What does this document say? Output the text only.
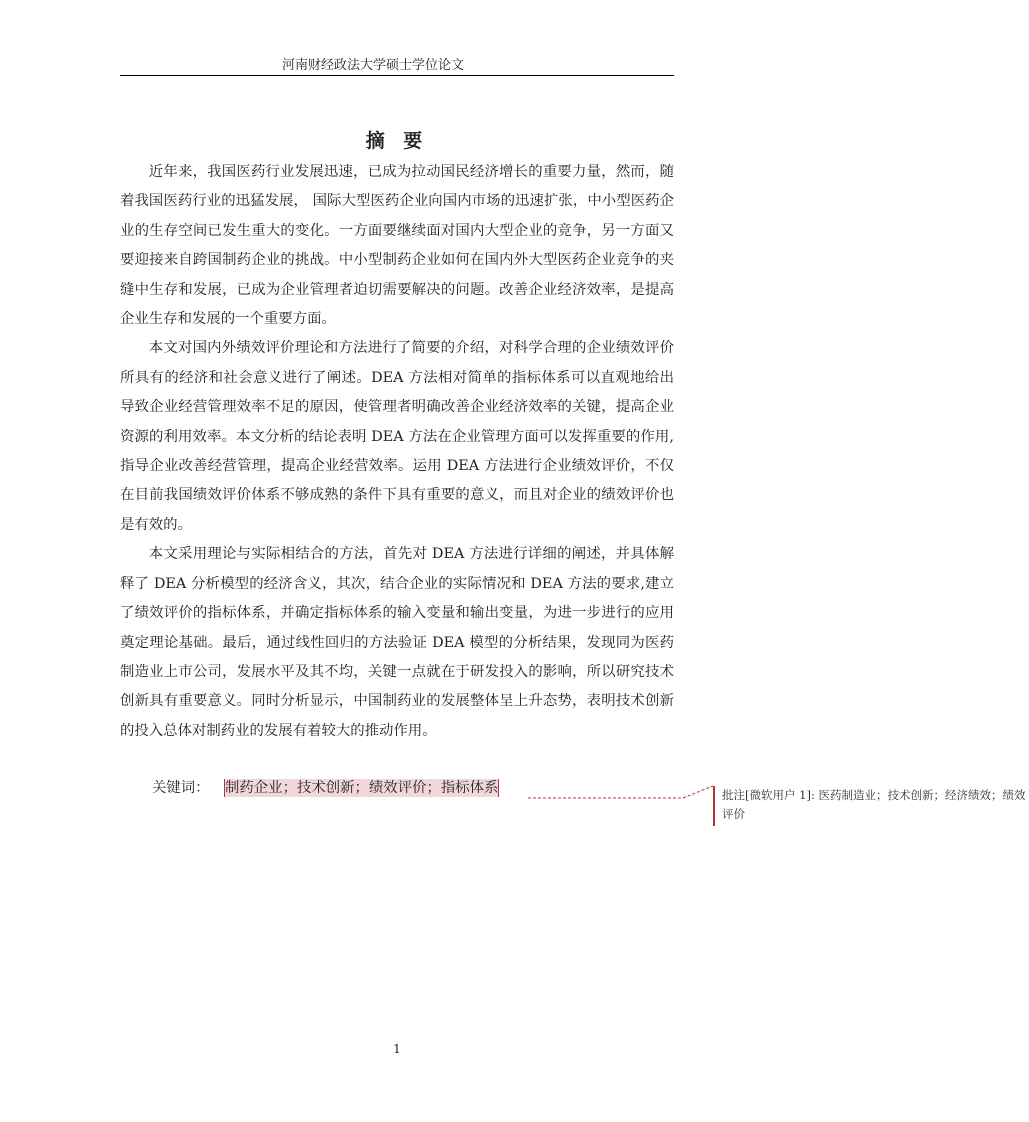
河南财经政法大学硕士学位论文
摘 要

近年来，我国医药行业发展迅速，已成为拉动国民经济增长的重要力量，然而，随着我国医药行业的迅猛发展， 国际大型医药企业向国内市场的迅速扩张，中小型医药企业的生存空间已发生重大的变化。一方面要继续面对国内大型企业的竞争，另一方面又要迎接来自跨国制药企业的挑战。中小型制药企业如何在国内外大型医药企业竞争的夹缝中生存和发展，已成为企业管理者迫切需要解决的问题。改善企业经济效率，是提高企业生存和发展的一个重要方面。

本文对国内外绩效评价理论和方法进行了简要的介绍，对科学合理的企业绩效评价所具有的经济和社会意义进行了阐述。DEA 方法相对简单的指标体系可以直观地给出导致企业经营管理效率不足的原因，使管理者明确改善企业经济效率的关键，提高企业资源的利用效率。本文分析的结论表明 DEA 方法在企业管理方面可以发挥重要的作用,指导企业改善经营管理，提高企业经营效率。运用 DEA 方法进行企业绩效评价，不仅在目前我国绩效评价体系不够成熟的条件下具有重要的意义，而且对企业的绩效评价也是有效的。

本文采用理论与实际相结合的方法，首先对 DEA 方法进行详细的阐述，并具体解释了 DEA 分析模型的经济含义，其次，结合企业的实际情况和 DEA 方法的要求,建立了绩效评价的指标体系，并确定指标体系的输入变量和输出变量，为进一步进行的应用奠定理论基础。最后，通过线性回归的方法验证 DEA 模型的分析结果，发现同为医药制造业上市公司，发展水平及其不均，关键一点就在于研发投入的影响，所以研究技术创新具有重要意义。同时分析显示，中国制药业的发展整体呈上升态势，表明技术创新的投入总体对制药业的发展有着较大的推动作用。

关键词： 制药企业；技术创新；绩效评价；指标体系	批注[微软用户 1]: 医药制造业；技术创新；经济绩效；绩效评价
1
